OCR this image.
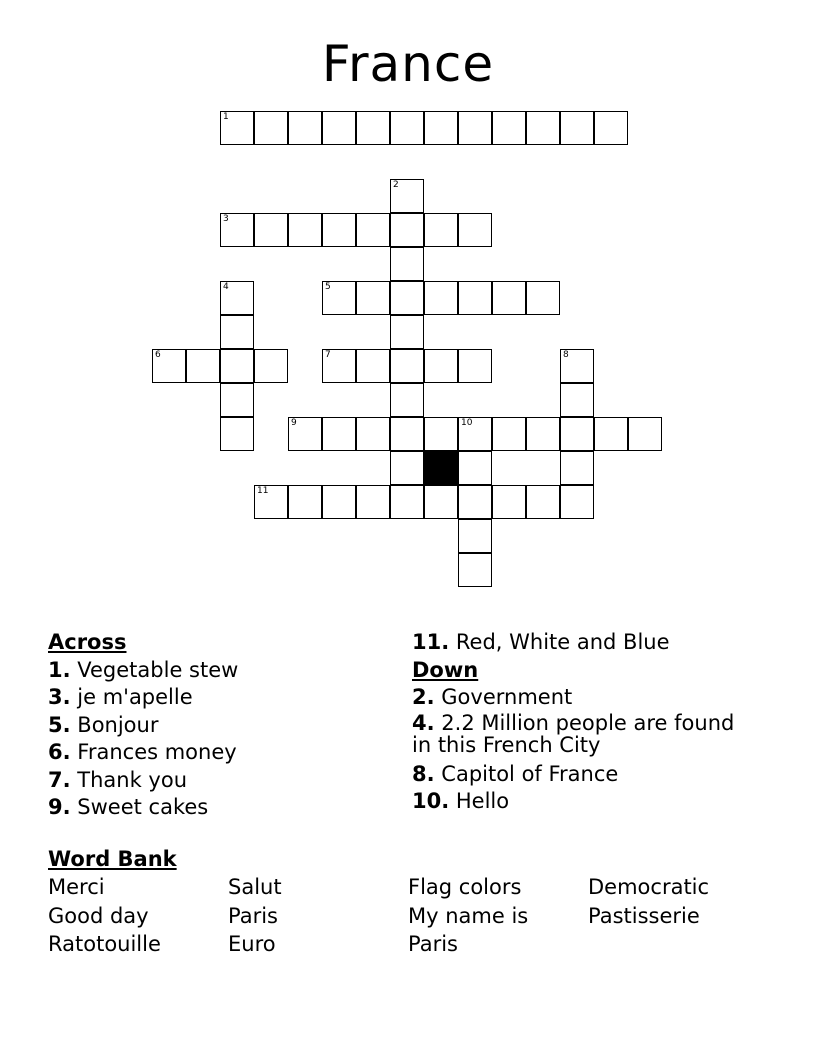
France
1
2
3
4	5
6	7	8
9	10
11
Across
1. Vegetable stew
3. je m'apelle
5. Bonjour
6. Frances money
7. Thank you
9. Sweet cakes
11. Red, White and Blue
Down
2. Government
4. 2.2 Million people are found in this French City
8. Capitol of France
10. Hello
Word Bank
Merci	Salut	Flag colors	Democratic
Good day	Paris	My name is	Pastisserie
Ratotouille	Euro	Paris
